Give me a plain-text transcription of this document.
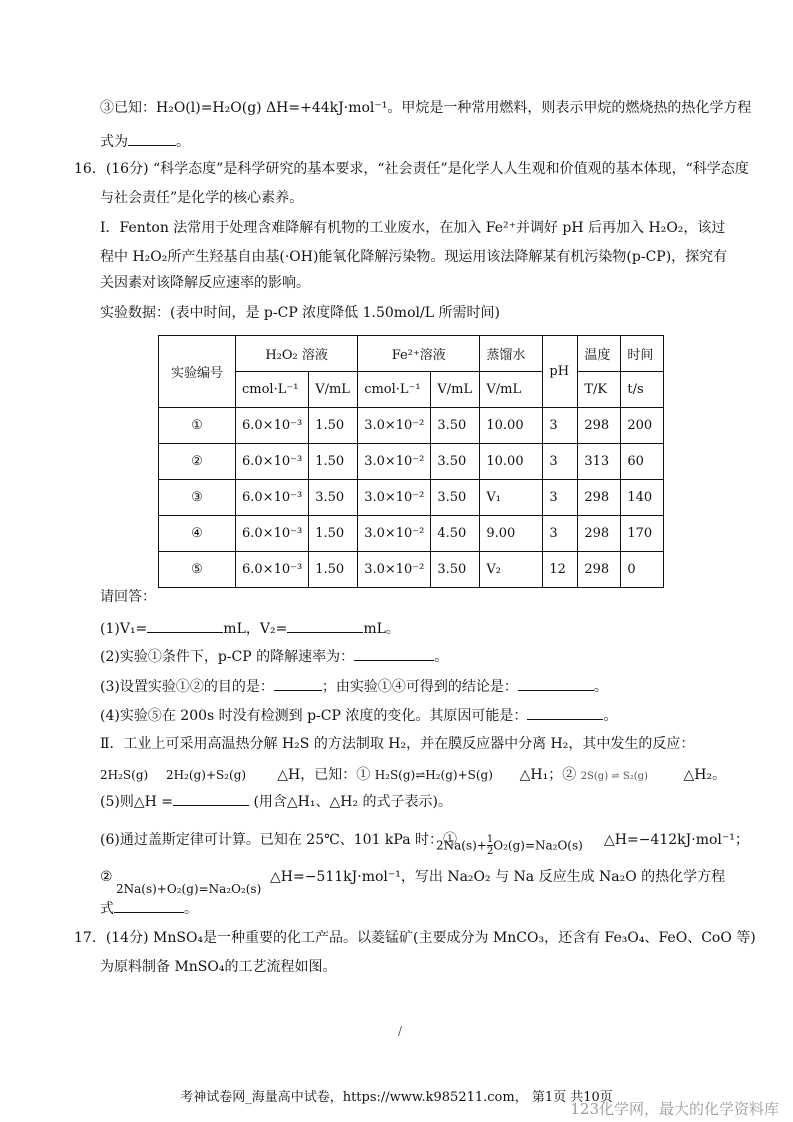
③已知：H₂O(l)=H₂O(g) ΔH=+44kJ·mol⁻¹。甲烷是一种常用燃料，则表示甲烷的燃烧热的热化学方程
式为	。
16．(16分) “科学态度”是科学研究的基本要求，“社会责任”是化学人人生观和价值观的基本体现，“科学态度
与社会责任”是化学的核心素养。
Ⅰ．Fenton 法常用于处理含难降解有机物的工业废水，在加入 Fe²⁺并调好 pH 后再加入 H₂O₂，该过
程中 H₂O₂所产生羟基自由基(·OH)能氧化降解污染物。现运用该法降解某有机污染物(p-CP)，探究有
关因素对该降解反应速率的影响。
实验数据：(表中时间，是 p-CP 浓度降低 1.50mol/L 所需时间)
实验编号	H₂O₂ 溶液		Fe²⁺溶液		蒸馏水	pH	温度	时间
	cmol·L⁻¹	V/mL	cmol·L⁻¹	V/mL	V/mL		T/K	t/s
①	6.0×10⁻³	1.50	3.0×10⁻²	3.50	10.00	3	298	200
②	6.0×10⁻³	1.50	3.0×10⁻²	3.50	10.00	3	313	60
③	6.0×10⁻³	3.50	3.0×10⁻²	3.50	V₁	3	298	140
④	6.0×10⁻³	1.50	3.0×10⁻²	4.50	9.00	3	298	170
⑤	6.0×10⁻³	1.50	3.0×10⁻²	3.50	V₂	12	298	0
请回答：
(1)V₁=	mL，V₂=	mL。
(2)实验①条件下，p-CP 的降解速率为：	。
(3)设置实验①②的目的是：	；由实验①④可得到的结论是：	。
(4)实验⑤在 200s 时没有检测到 p-CP 浓度的变化。其原因可能是：	。
Ⅱ．工业上可采用高温热分解 H₂S 的方法制取 H₂，并在膜反应器中分离 H₂，其中发生的反应：
2H₂S(g) 2H₂(g)+S₂(g) △H，已知：① H₂S(g)⇌H₂(g)+S(g) △H₁；② 2S(g) ⇌ S₂(g)	△H₂。
(5)则△H =	(用含△H₁、△H₂ 的式子表示)。
(6)通过盖斯定律可计算。已知在 25℃、101 kPa 时：①
$2Na(s)+ \frac{1}{2} O_2(g)=Na_2O(s)$ △H=−412kJ·mol⁻¹；
②
2Na(s)+O₂(g)=Na₂O₂(s)
△H=−511kJ·mol⁻¹，写出 Na₂O₂ 与 Na 反应生成 Na₂O 的热化学方程
式	。
17．(14分) MnSO₄是一种重要的化工产品。以菱锰矿(主要成分为 MnCO₃，还含有 Fe₃O₄、FeO、CoO 等)
为原料制备 MnSO₄的工艺流程如图。
/
考神试卷网_海量高中试卷，https://www.k985211.com， 第1页 共10页
123化学网，最大的化学资料库
